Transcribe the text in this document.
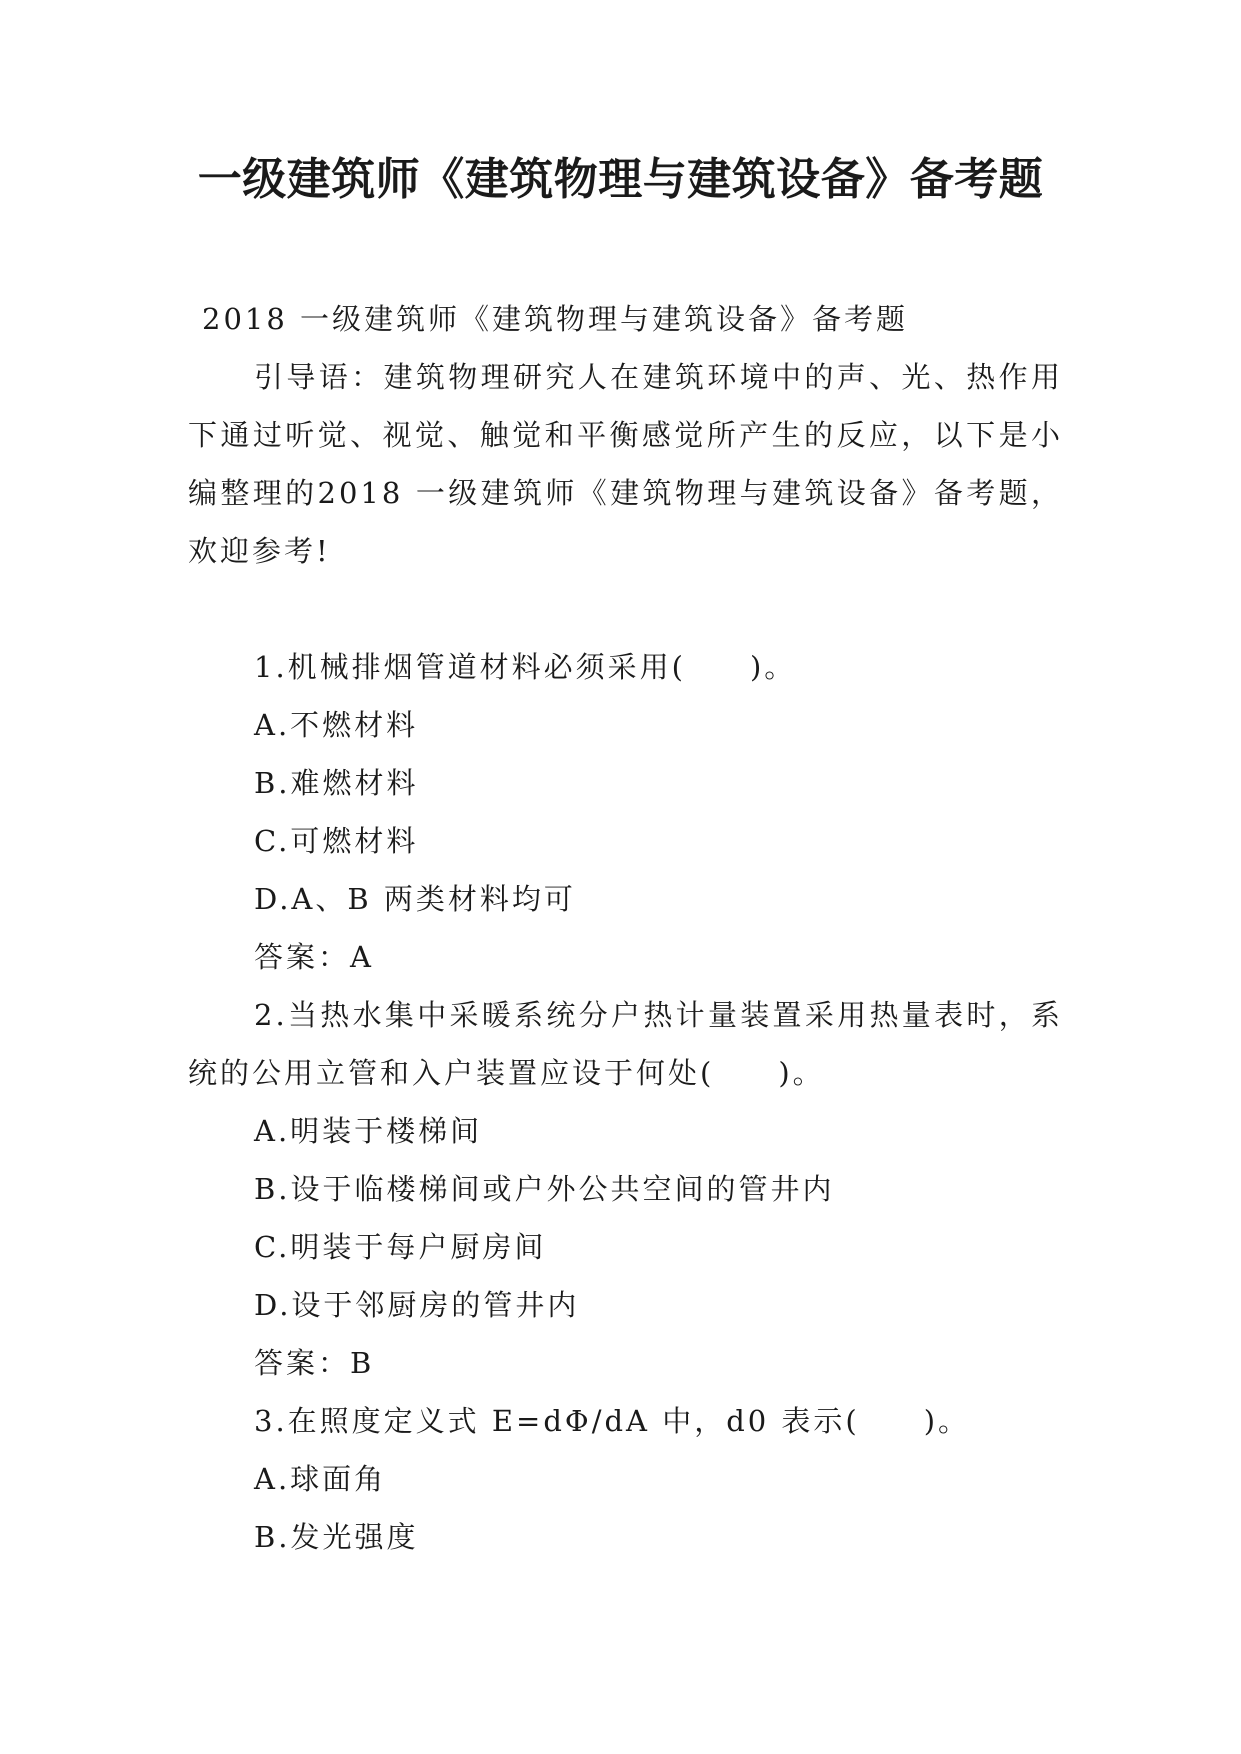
一级建筑师《建筑物理与建筑设备》备考题
2018 一级建筑师《建筑物理与建筑设备》备考题

引导语：建筑物理研究人在建筑环境中的声、光、热作用下通过听觉、视觉、触觉和平衡感觉所产生的反应，以下是小编整理的2018 一级建筑师《建筑物理与建筑设备》备考题，欢迎参考!

1.机械排烟管道材料必须采用(　　)。
A.不燃材料
B.难燃材料
C.可燃材料
D.A、B 两类材料均可
答案：A

2.当热水集中采暖系统分户热计量装置采用热量表时，系统的公用立管和入户装置应设于何处(　　)。

A.明装于楼梯间
B.设于临楼梯间或户外公共空间的管井内
C.明装于每户厨房间
D.设于邻厨房的管井内
答案：B
3.在照度定义式 E=dΦ/dA 中，d0 表示(　　)。
A.球面角
B.发光强度
